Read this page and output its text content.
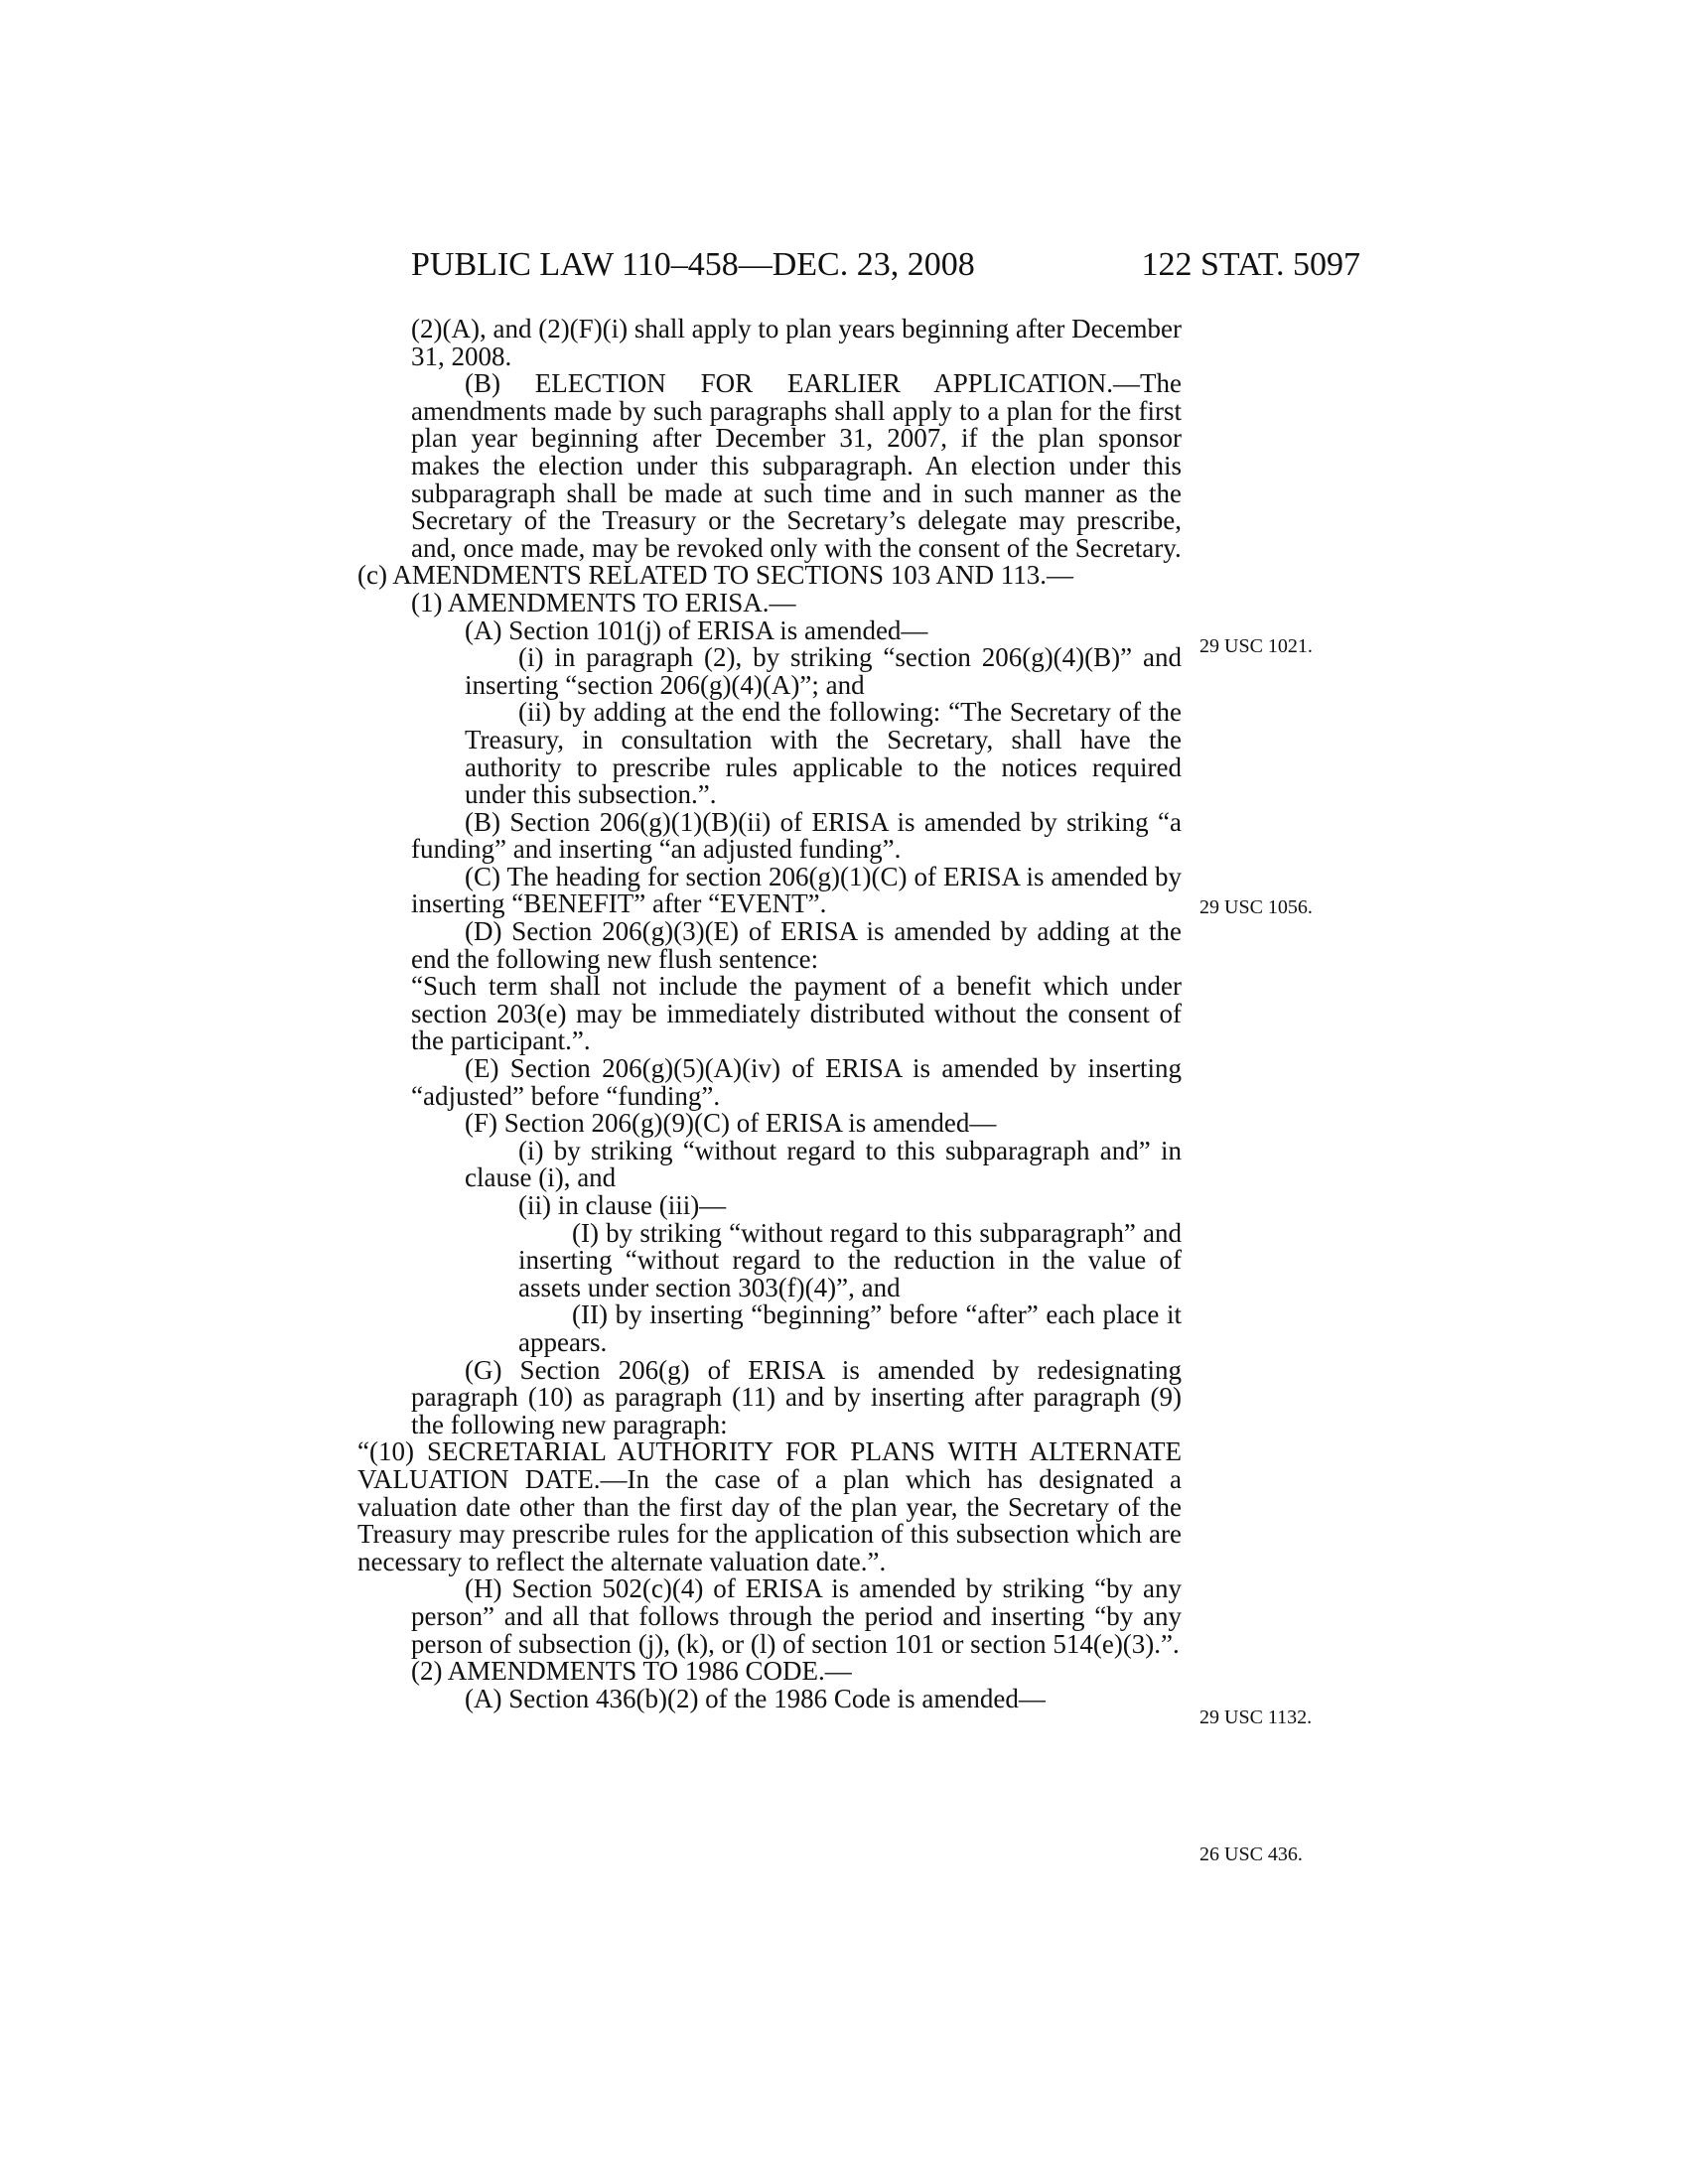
PUBLIC LAW 110–458—DEC. 23, 2008	122 STAT. 5097

(2)(A), and (2)(F)(i) shall apply to plan years beginning after December 31, 2008.

(B) ELECTION FOR EARLIER APPLICATION.—The amendments made by such paragraphs shall apply to a plan for the first plan year beginning after December 31, 2007, if the plan sponsor makes the election under this subparagraph. An election under this subparagraph shall be made at such time and in such manner as the Secretary of the Treasury or the Secretary’s delegate may prescribe, and, once made, may be revoked only with the consent of the Secretary.

(c) AMENDMENTS RELATED TO SECTIONS 103 AND 113.—

(1) AMENDMENTS TO ERISA.—

(A) Section 101(j) of ERISA is amended—

(i) in paragraph (2), by striking “section 206(g)(4)(B)” and inserting “section 206(g)(4)(A)”; and

(ii) by adding at the end the following: “The Secretary of the Treasury, in consultation with the Secretary, shall have the authority to prescribe rules applicable to the notices required under this subsection.”.

(B) Section 206(g)(1)(B)(ii) of ERISA is amended by striking “a funding” and inserting “an adjusted funding”.

(C) The heading for section 206(g)(1)(C) of ERISA is amended by inserting “BENEFIT” after “EVENT”.

(D) Section 206(g)(3)(E) of ERISA is amended by adding at the end the following new flush sentence:

“Such term shall not include the payment of a benefit which under section 203(e) may be immediately distributed without the consent of the participant.”.

(E) Section 206(g)(5)(A)(iv) of ERISA is amended by inserting “adjusted” before “funding”.

(F) Section 206(g)(9)(C) of ERISA is amended—

(i) by striking “without regard to this subparagraph and” in clause (i), and

(ii) in clause (iii)—

(I) by striking “without regard to this subparagraph” and inserting “without regard to the reduction in the value of assets under section 303(f)(4)”, and

(II) by inserting “beginning” before “after” each place it appears.

(G) Section 206(g) of ERISA is amended by redesignating paragraph (10) as paragraph (11) and by inserting after paragraph (9) the following new paragraph:

“(10) SECRETARIAL AUTHORITY FOR PLANS WITH ALTERNATE VALUATION DATE.—In the case of a plan which has designated a valuation date other than the first day of the plan year, the Secretary of the Treasury may prescribe rules for the application of this subsection which are necessary to reflect the alternate valuation date.”.

(H) Section 502(c)(4) of ERISA is amended by striking “by any person” and all that follows through the period and inserting “by any person of subsection (j), (k), or (l) of section 101 or section 514(e)(3).”.

(2) AMENDMENTS TO 1986 CODE.—

(A) Section 436(b)(2) of the 1986 Code is amended—

29 USC 1021.
29 USC 1056.
29 USC 1132.
26 USC 436.
